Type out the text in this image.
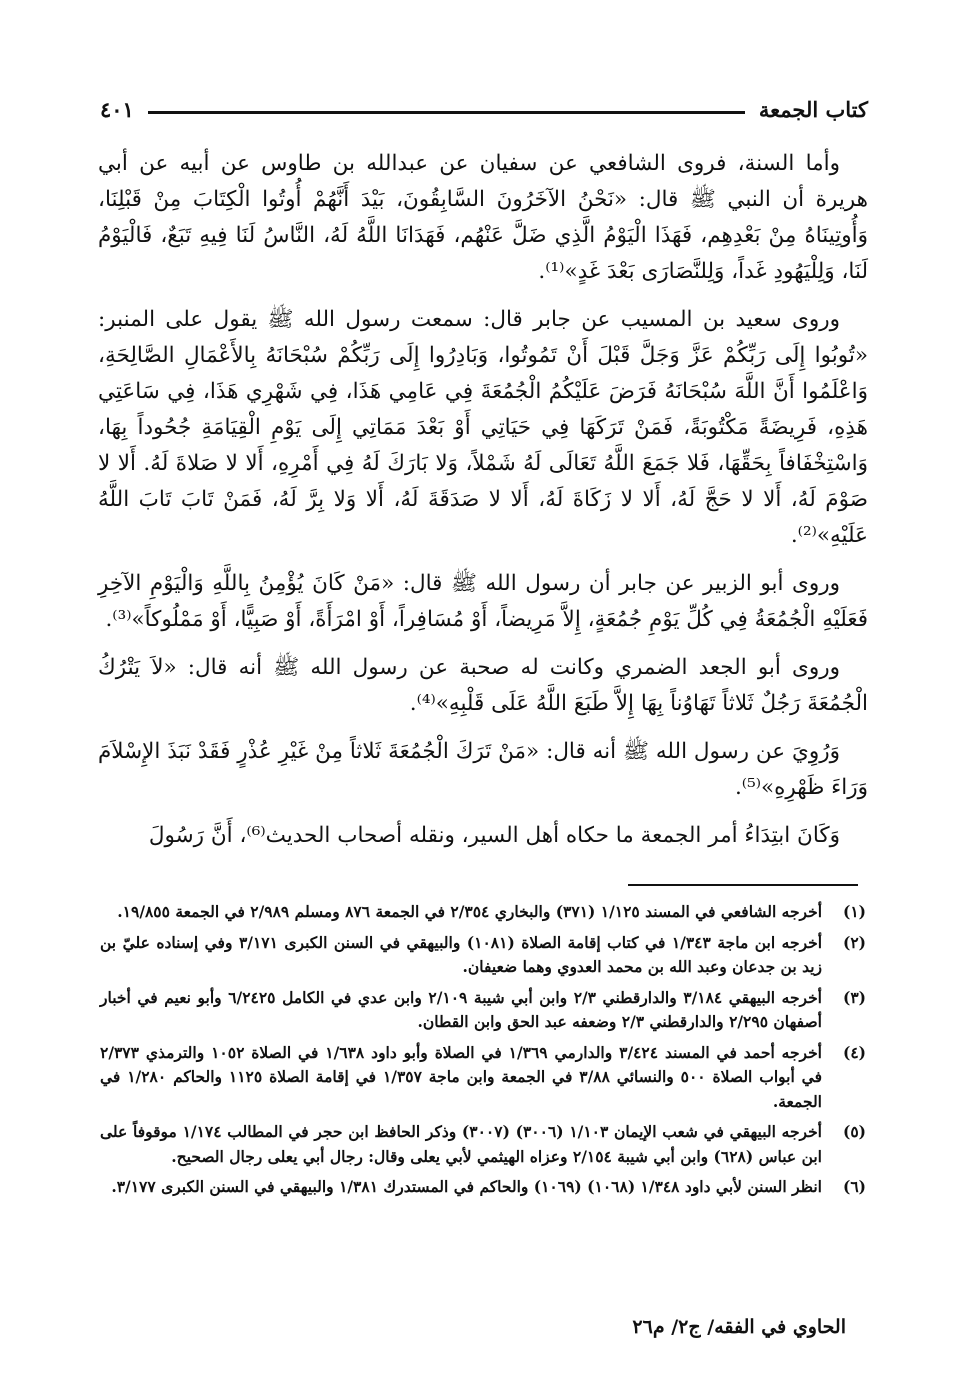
كتاب الجمعة
٤٠١

وأما السنة، فروى الشافعي عن سفيان عن عبدالله بن طاوس عن أبيه عن أبي هريرة أن النبي ﷺ قال: «نَحْنُ الآخَرُونَ السَّابِقُونَ، بَيْدَ أَنَّهُمْ أُوتُوا الْكِتَابَ مِنْ قَبْلِنَا، وَأُوتِينَاهُ مِنْ بَعْدِهِم، فَهَذَا الْيَوْمُ الَّذِي ضَلَّ عَنْهُم، فَهَدَانَا اللَّهُ لَهُ، النَّاسُ لَنَا فِيهِ تَبَعٌ، فَالْيَوْمُ لَنَا، وَلِلْيَهُودِ غَداً، وَلِلنَّصَارَى بَعْدَ غَدٍ»⁽¹⁾.

وروى سعيد بن المسيب عن جابر قال: سمعت رسول الله ﷺ يقول على المنبر: «تُوبُوا إِلَى رَبِّكُمْ عَزَّ وَجَلَّ قَبْلَ أَنْ تَمُوتُوا، وَبَادِرُوا إِلَى رَبِّكُمْ سُبْحَانَهُ بِالأَعْمَالِ الصَّالِحَةِ، وَاعْلَمُوا أَنَّ اللَّهَ سُبْحَانَهُ فَرَضَ عَلَيْكُمُ الْجُمُعَةَ فِي عَامِي هَذَا، فِي شَهْرِي هَذَا، فِي سَاعَتِي هَذِهِ، فَرِيضَةً مَكْتُوبَةً، فَمَنْ تَرَكَهَا فِي حَيَاتِي أَوْ بَعْدَ مَمَاتِي إِلَى يَوْمِ الْقِيَامَةِ جُحُوداً بِهَا، وَاسْتِخْفَافاً بِحَقِّهَا، فَلا جَمَعَ اللَّهُ تَعَالَى لَهُ شَمْلاً، وَلا بَارَكَ لَهُ فِي أَمْرِهِ، أَلا لا صَلاةَ لَهُ. أَلا لا صَوْمَ لَهُ، أَلا لا حَجَّ لَهُ، أَلا لا زَكَاةَ لَهُ، أَلا لا صَدَقَةَ لَهُ، أَلا وَلا بِرَّ لَهُ، فَمَنْ تَابَ تَابَ اللَّهُ عَلَيْهِ»⁽²⁾.

وروى أبو الزبير عن جابر أن رسول الله ﷺ قال: «مَنْ كَانَ يُؤْمِنُ بِاللَّهِ وَالْيَوْمِ الآخِرِ فَعَلَيْهِ الْجُمُعَةُ فِي كُلِّ يَوْمِ جُمُعَةٍ، إِلاَّ مَرِيضاً، أَوْ مُسَافِراً، أَوْ امْرَأَةً، أَوْ صَبِيًّا، أَوْ مَمْلُوكاً»⁽³⁾.

وروى أبو الجعد الضمري وكانت له صحبة عن رسول الله ﷺ أنه قال: «لاَ يَتْرُكُ الْجُمُعَةَ رَجُلٌ ثَلاثاً تَهَاوُناً بِهَا إِلاَّ طَبَعَ اللَّهُ عَلَى قَلْبِهِ»⁽⁴⁾.

وَرُوِيَ عن رسول الله ﷺ أنه قال: «مَنْ تَرَكَ الْجُمُعَةَ ثَلاثاً مِنْ غَيْرِ عُذْرٍ فَقَدْ نَبَذَ الإِسْلاَمَ وَرَاءَ ظَهْرِهِ»⁽⁵⁾.

وَكَانَ ابتِدَاءُ أمر الجمعة ما حكاه أهل السير، ونقله أصحاب الحديث⁽⁶⁾، أَنَّ رَسُولَ

(١)
أخرجه الشافعي في المسند ١/١٢٥ (٣٧١) والبخاري ٢/٣٥٤ في الجمعة ٨٧٦ ومسلم ٢/٩٨٩ في الجمعة ١٩/٨٥٥.
(٢)
أخرجه ابن ماجة ١/٣٤٣ في كتاب إقامة الصلاة (١٠٨١) والبيهقي في السنن الكبرى ٣/١٧١ وفي إسناده عليّ بن زيد بن جدعان وعبد الله بن محمد العدوي وهما ضعيفان.
(٣)
أخرجه البيهقي ٣/١٨٤ والدارقطني ٢/٣ وابن أبي شيبة ٢/١٠٩ وابن عدي في الكامل ٦/٢٤٢٥ وأبو نعيم في أخبار أصفهان ٢/٢٩٥ والدارقطني ٢/٣ وضعفه عبد الحق وابن القطان.
(٤)
أخرجه أحمد في المسند ٣/٤٢٤ والدارمي ١/٣٦٩ في الصلاة وأبو داود ١/٦٣٨ في الصلاة ١٠٥٢ والترمذي ٢/٣٧٣ في أبواب الصلاة ٥٠٠ والنسائي ٣/٨٨ في الجمعة وابن ماجة ١/٣٥٧ في إقامة الصلاة ١١٢٥ والحاكم ١/٢٨٠ في الجمعة.
(٥)
أخرجه البيهقي في شعب الإيمان ١/١٠٣ (٣٠٠٦) (٣٠٠٧) وذكر الحافظ ابن حجر في المطالب ١/١٧٤ موقوفاً على ابن عباس (٦٢٨) وابن أبي شيبة ٢/١٥٤ وعزاه الهيثمي لأبي يعلى وقال: رجال أبي يعلى رجال الصحيح.
(٦)
انظر السنن لأبي داود ١/٣٤٨ (١٠٦٨) (١٠٦٩) والحاكم في المستدرك ١/٣٨١ والبيهقي في السنن الكبرى ٣/١٧٧.
الحاوي في الفقه/ ج٢/ م٢٦
